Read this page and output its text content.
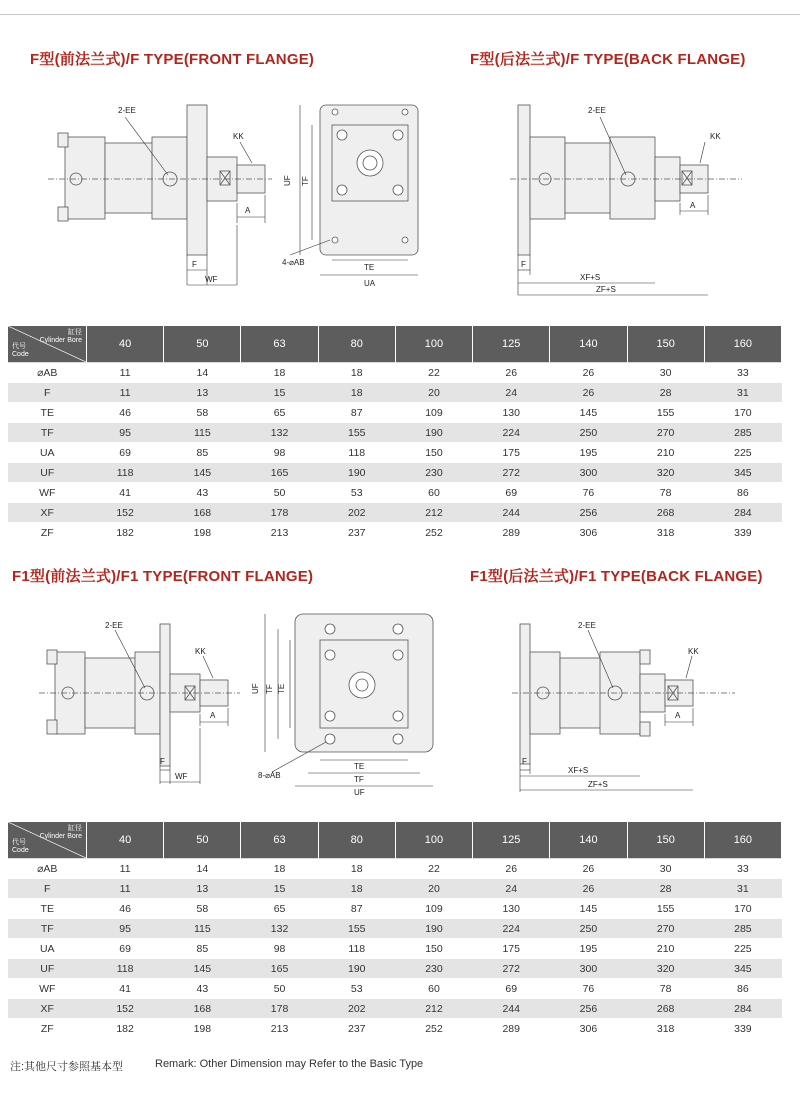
F型(前法兰式)/F TYPE(FRONT FLANGE)	F型(后法兰式)/F TYPE(BACK FLANGE)
2-EE
KK
A
F
WF
UF TF
TE
UA
4-⌀AB
2-EE
KK
A
F
XF+S
ZF+S
缸径
Cylinder Bore
代号
Code	40	50	63	80	100	125	140	150	160
⌀AB	11	14	18	18	22	26	26	30	33
F	11	13	15	18	20	24	26	28	31
TE	46	58	65	87	109	130	145	155	170
TF	95	115	132	155	190	224	250	270	285
UA	69	85	98	118	150	175	195	210	225
UF	118	145	165	190	230	272	300	320	345
WF	41	43	50	53	60	69	76	78	86
XF	152	168	178	202	212	244	256	268	284
ZF	182	198	213	237	252	289	306	318	339
F1型(前法兰式)/F1 TYPE(FRONT FLANGE)	F1型(后法兰式)/F1 TYPE(BACK FLANGE)
2-EE
KK
A
F
WF
UF TF TE
TE
TF
UF
8-⌀AB
2-EE
KK
A
F
XF+S
ZF+S
缸径
Cylinder Bore
代号
Code	40	50	63	80	100	125	140	150	160
⌀AB	11	14	18	18	22	26	26	30	33
F	11	13	15	18	20	24	26	28	31
TE	46	58	65	87	109	130	145	155	170
TF	95	115	132	155	190	224	250	270	285
UA	69	85	98	118	150	175	195	210	225
UF	118	145	165	190	230	272	300	320	345
WF	41	43	50	53	60	69	76	78	86
XF	152	168	178	202	212	244	256	268	284
ZF	182	198	213	237	252	289	306	318	339
注:其他尺寸参照基本型	Remark: Other Dimension may Refer to the Basic Type
